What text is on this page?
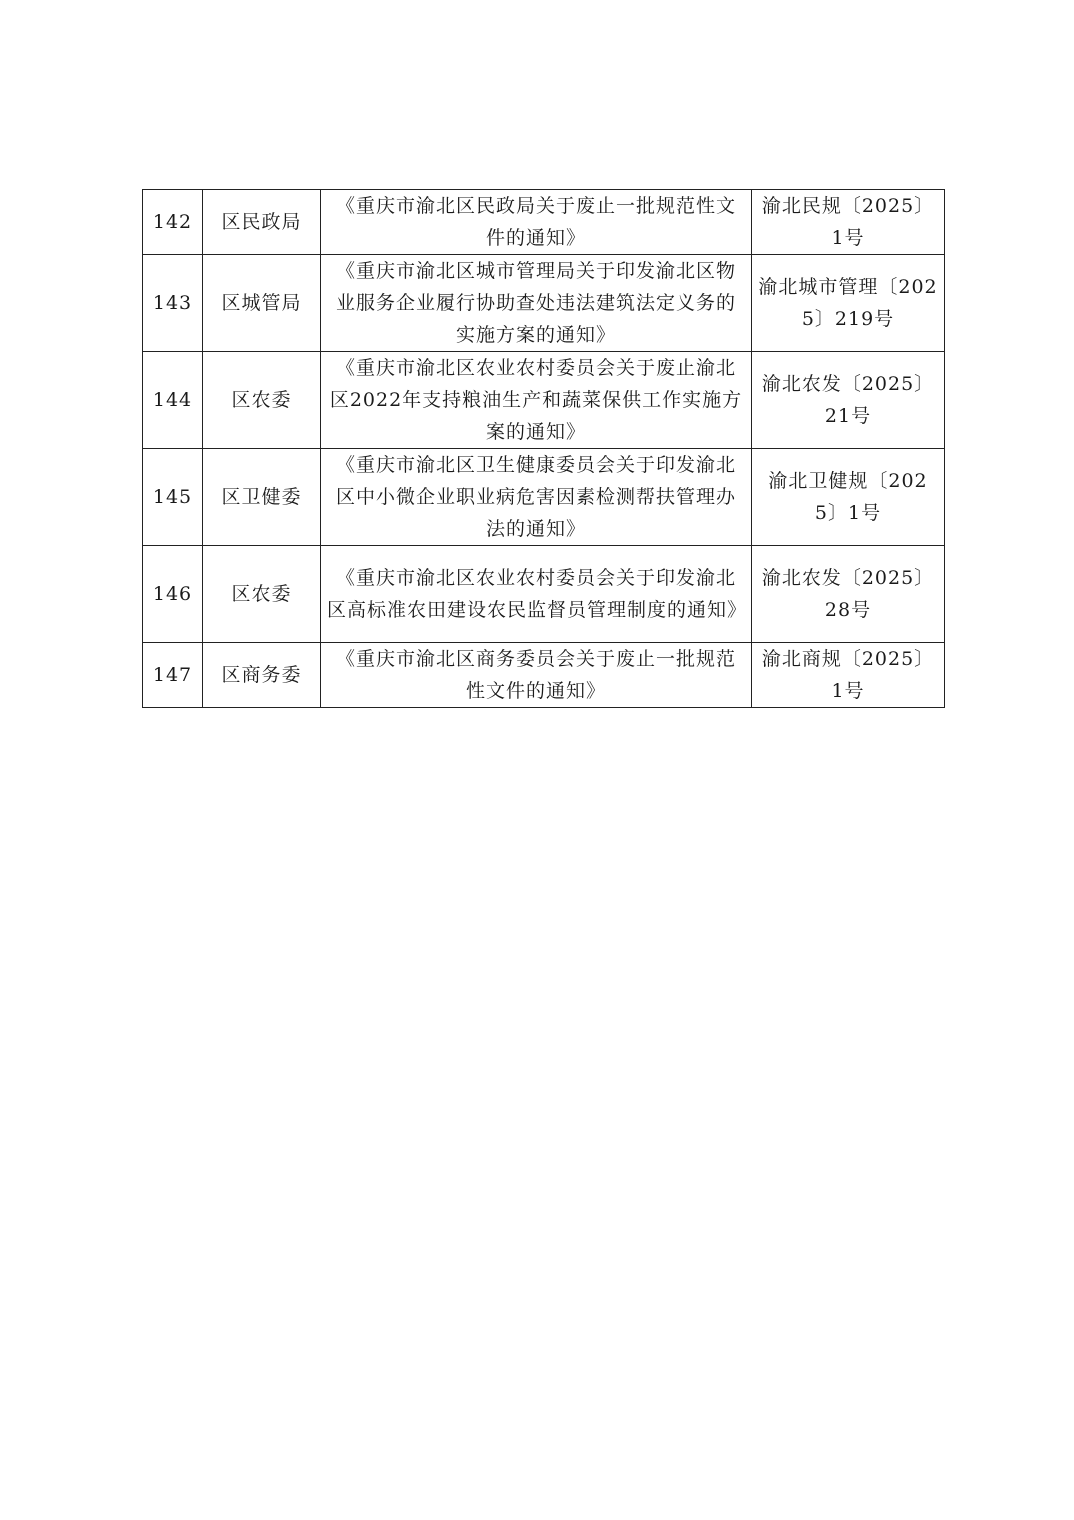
142	区民政局	《重庆市渝北区民政局关于废止一批规范性文件的通知》	渝北民规〔2025〕1号
143	区城管局	《重庆市渝北区城市管理局关于印发渝北区物业服务企业履行协助查处违法建筑法定义务的实施方案的通知》	渝北城市管理〔2025〕219号
144	区农委	《重庆市渝北区农业农村委员会关于废止渝北区2022年支持粮油生产和蔬菜保供工作实施方案的通知》	渝北农发〔2025〕21号
145	区卫健委	《重庆市渝北区卫生健康委员会关于印发渝北区中小微企业职业病危害因素检测帮扶管理办法的通知》	渝北卫健规〔2025〕1号
146	区农委	《重庆市渝北区农业农村委员会关于印发渝北区高标准农田建设农民监督员管理制度的通知》	渝北农发〔2025〕28号
147	区商务委	《重庆市渝北区商务委员会关于废止一批规范性文件的通知》	渝北商规〔2025〕1号
